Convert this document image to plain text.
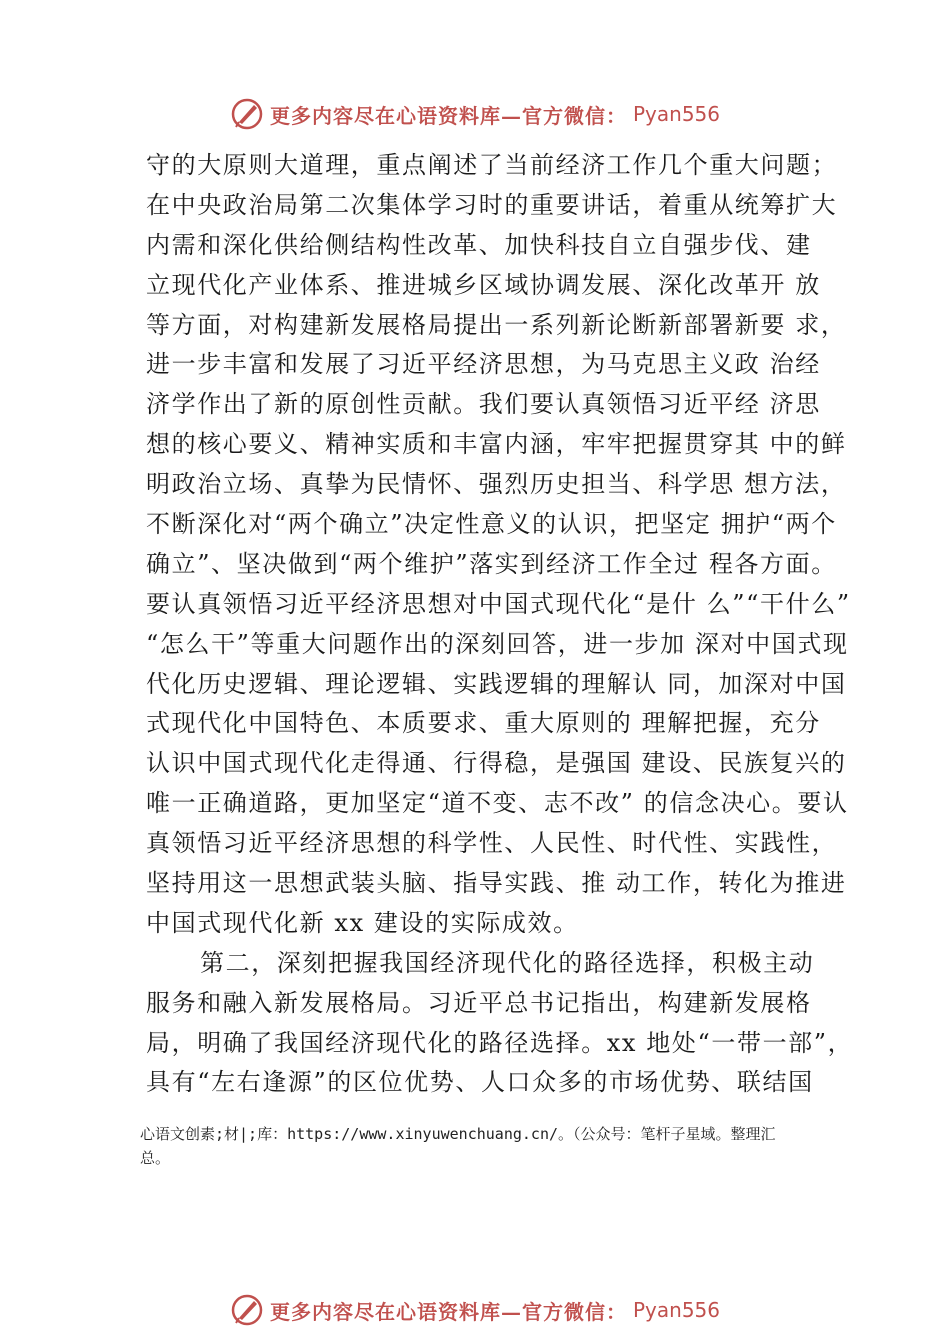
更多内容尽在心语资料库—官方微信： Pyan556
守的大原则大道理，重点阐述了当前经济工作几个重大问题；
在中央政治局第二次集体学习时的重要讲话，着重从统筹扩大
内需和深化供给侧结构性改革、加快科技自立自强步伐、建
立现代化产业体系、推进城乡区域协调发展、深化改革开 放
等方面，对构建新发展格局提出一系列新论断新部署新要 求，
进一步丰富和发展了习近平经济思想，为马克思主义政 治经
济学作出了新的原创性贡献。我们要认真领悟习近平经 济思
想的核心要义、精神实质和丰富内涵，牢牢把握贯穿其 中的鲜
明政治立场、真挚为民情怀、强烈历史担当、科学思 想方法，
不断深化对“两个确立”决定性意义的认识，把坚定 拥护“两个
确立”、坚决做到“两个维护”落实到经济工作全过 程各方面。
要认真领悟习近平经济思想对中国式现代化“是什 么”“干什么”
“怎么干”等重大问题作出的深刻回答，进一步加 深对中国式现
代化历史逻辑、理论逻辑、实践逻辑的理解认 同，加深对中国
式现代化中国特色、本质要求、重大原则的 理解把握，充分
认识中国式现代化走得通、行得稳，是强国 建设、民族复兴的
唯一正确道路，更加坚定“道不变、志不改” 的信念决心。要认
真领悟习近平经济思想的科学性、人民性、时代性、实践性，
坚持用这一思想武装头脑、指导实践、推 动工作，转化为推进
中国式现代化新 xx 建设的实际成效。
第二，深刻把握我国经济现代化的路径选择，积极主动
服务和融入新发展格局。习近平总书记指出，构建新发展格
局，明确了我国经济现代化的路径选择。xx 地处“一带一部”，
具有“左右逢源”的区位优势、人口众多的市场优势、联结国
心语文创素;材|;库：https://www.xinyuwenchuang.cn/。（公众号：笔杆子星域。整理汇
总。
更多内容尽在心语资料库—官方微信： Pyan556
